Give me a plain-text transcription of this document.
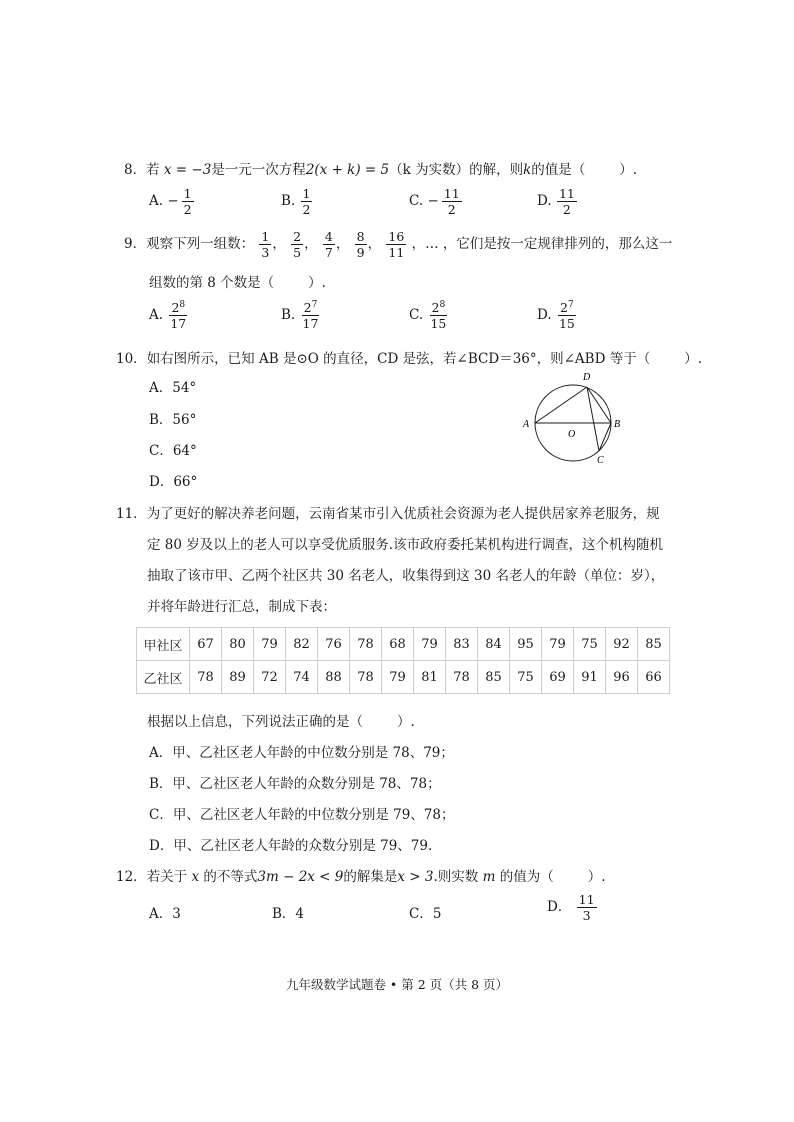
8．若 x = −3是一元一次方程2(x + k) = 5（k 为实数）的解，则k的值是（	）.
A. − $\frac{1}{2}$	B. $\frac{1}{2}$	C. − $\frac{11}{2}$	D. $\frac{11}{2}$
9．观察下列一组数： $\frac{1}{3}$ ， $\frac{2}{5}$ ， $\frac{4}{7}$ ， $\frac{8}{9}$ ， $\frac{16}{11}$ ，… ，它们是按一定规律排列的，那么这一
组数的第 8 个数是（	）.
A. $\frac{2^8}{17}$	B. $\frac{2^7}{17}$	C. $\frac{2^8}{15}$	D. $\frac{2^7}{15}$
10．如右图所示，已知 AB 是⊙O 的直径，CD 是弦，若∠BCD＝36°，则∠ABD 等于（	）.
A．54°
B．56°
C．64°
D．66°
A	B
C
D
O
11．为了更好的解决养老问题，云南省某市引入优质社会资源为老人提供居家养老服务，规
定 80 岁及以上的老人可以享受优质服务.该市政府委托某机构进行调查，这个机构随机
抽取了该市甲、乙两个社区共 30 名老人，收集得到这 30 名老人的年龄（单位：岁），
并将年龄进行汇总，制成下表：
甲社区	67	80	79	82	76	78	68	79	83	84	95	79	75	92	85
乙社区	78	89	72	74	88	78	79	81	78	85	75	69	91	96	66
根据以上信息，下列说法正确的是（	）.
A．甲、乙社区老人年龄的中位数分别是 78、79；
B．甲、乙社区老人年龄的众数分别是 78、78；
C．甲、乙社区老人年龄的中位数分别是 79、78；
D．甲、乙社区老人年龄的众数分别是 79、79.
12．若关于 x 的不等式3m − 2x < 9的解集是x > 3.则实数 m 的值为（	）.
A．3	B．4	C．5	D． $\frac{11}{3}$
九年级数学试题卷 • 第 2 页（共 8 页）
